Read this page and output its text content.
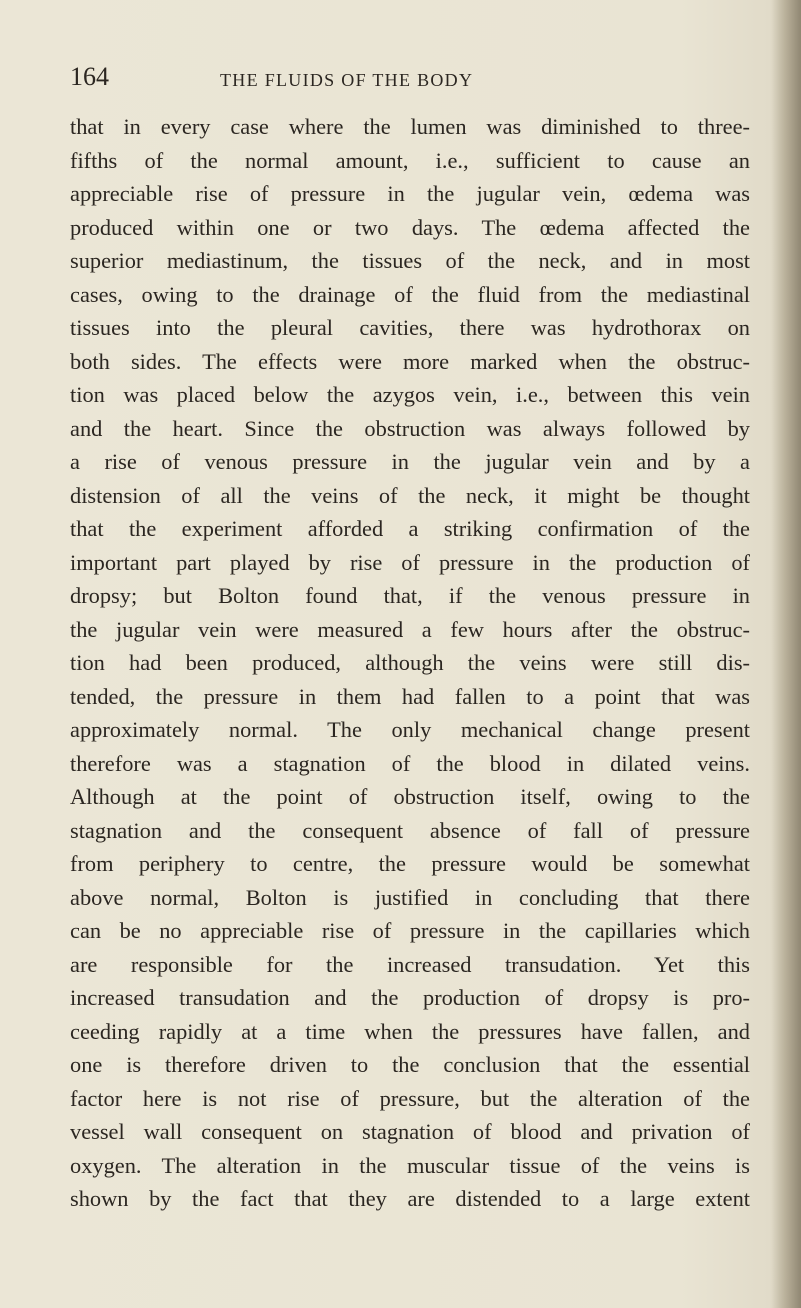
164	THE FLUIDS OF THE BODY
that in every case where the lumen was diminished to three-
fifths of the normal amount, i.e., sufficient to cause an
appreciable rise of pressure in the jugular vein, œdema was
produced within one or two days. The œdema affected the
superior mediastinum, the tissues of the neck, and in most
cases, owing to the drainage of the fluid from the mediastinal
tissues into the pleural cavities, there was hydrothorax on
both sides. The effects were more marked when the obstruc-
tion was placed below the azygos vein, i.e., between this vein
and the heart. Since the obstruction was always followed by
a rise of venous pressure in the jugular vein and by a
distension of all the veins of the neck, it might be thought
that the experiment afforded a striking confirmation of the
important part played by rise of pressure in the production of
dropsy; but Bolton found that, if the venous pressure in
the jugular vein were measured a few hours after the obstruc-
tion had been produced, although the veins were still dis-
tended, the pressure in them had fallen to a point that was
approximately normal. The only mechanical change present
therefore was a stagnation of the blood in dilated veins.
Although at the point of obstruction itself, owing to the
stagnation and the consequent absence of fall of pressure
from periphery to centre, the pressure would be somewhat
above normal, Bolton is justified in concluding that there
can be no appreciable rise of pressure in the capillaries which
are responsible for the increased transudation. Yet this
increased transudation and the production of dropsy is pro-
ceeding rapidly at a time when the pressures have fallen, and
one is therefore driven to the conclusion that the essential
factor here is not rise of pressure, but the alteration of the
vessel wall consequent on stagnation of blood and privation of
oxygen. The alteration in the muscular tissue of the veins is
shown by the fact that they are distended to a large extent
